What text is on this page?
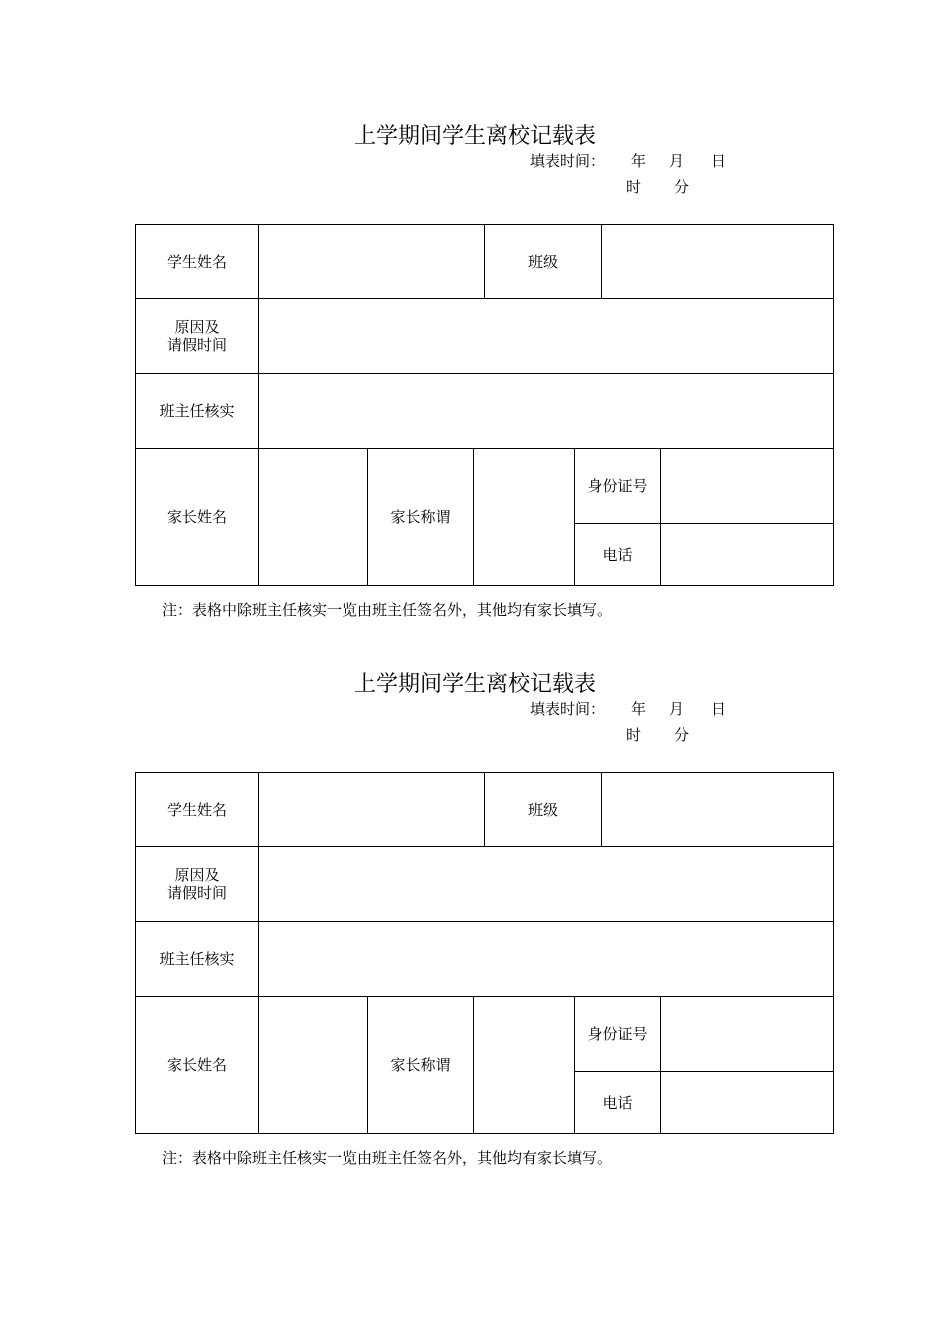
上学期间学生离校记载表
填表时间： 年 月 日
时 分
学生姓名	班级
原因及
请假时间
班主任核实
家长姓名	家长称谓
身份证号
电话
注：表格中除班主任核实一览由班主任签名外，其他均有家长填写。
上学期间学生离校记载表
填表时间： 年 月 日
时 分
学生姓名	班级
原因及
请假时间
班主任核实
家长姓名	家长称谓
身份证号
电话
注：表格中除班主任核实一览由班主任签名外，其他均有家长填写。
